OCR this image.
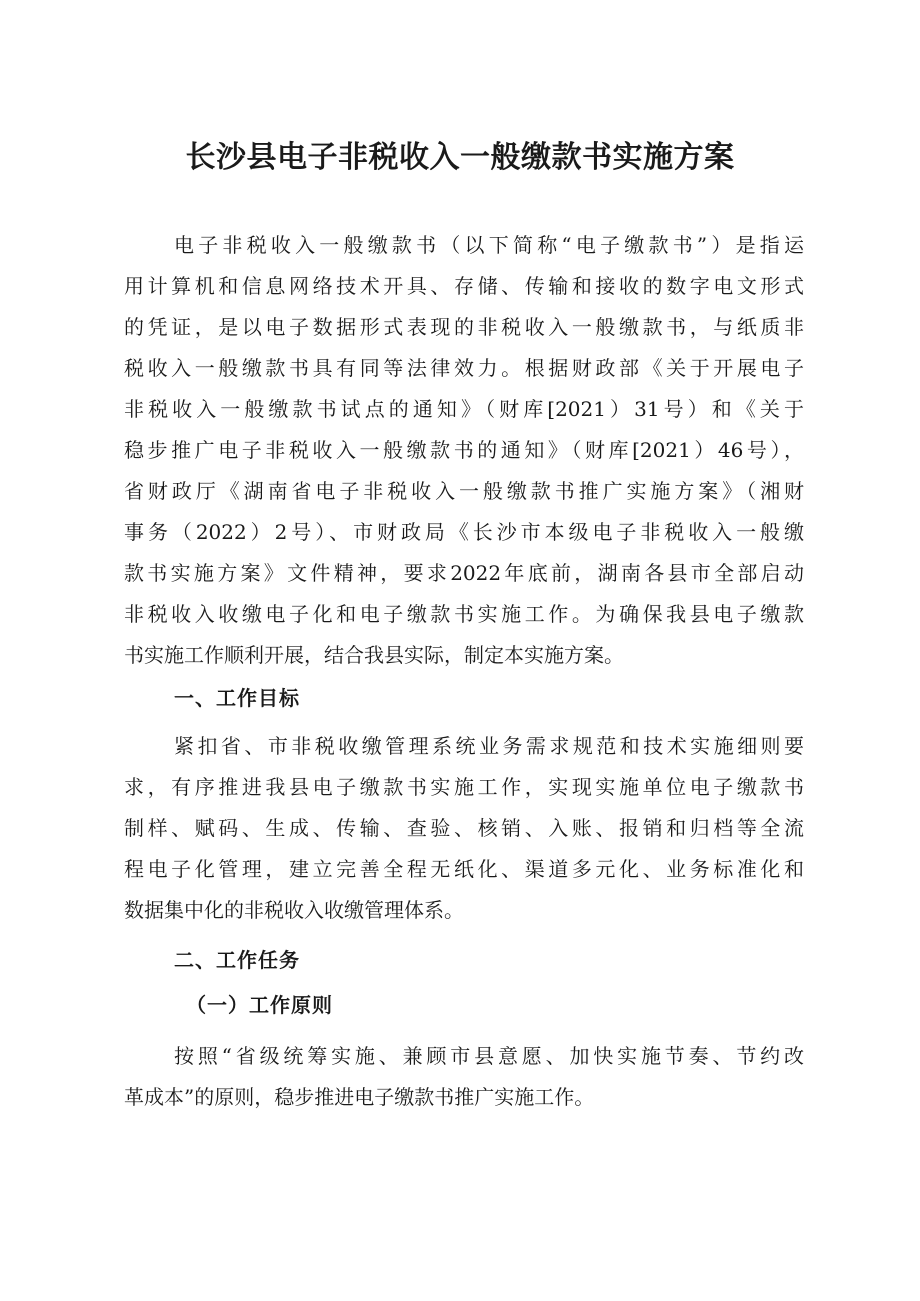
长沙县电子非税收入一般缴款书实施方案
电子非税收入一般缴款书（以下简称“电子缴款书”）是指运
用计算机和信息网络技术开具、存储、传输和接收的数字电文形式
的凭证，是以电子数据形式表现的非税收入一般缴款书，与纸质非
税收入一般缴款书具有同等法律效力。根据财政部《关于开展电子
非税收入一般缴款书试点的通知》（财库[2021）31号）和《关于
稳步推广电子非税收入一般缴款书的通知》（财库[2021）46号），
省财政厅《湖南省电子非税收入一般缴款书推广实施方案》（湘财
事务（2022）2号）、市财政局《长沙市本级电子非税收入一般缴
款书实施方案》文件精神，要求2022年底前，湖南各县市全部启动
非税收入收缴电子化和电子缴款书实施工作。为确保我县电子缴款
书实施工作顺利开展，结合我县实际，制定本实施方案。
一、工作目标
紧扣省、市非税收缴管理系统业务需求规范和技术实施细则要
求，有序推进我县电子缴款书实施工作，实现实施单位电子缴款书
制样、赋码、生成、传输、查验、核销、入账、报销和归档等全流
程电子化管理，建立完善全程无纸化、渠道多元化、业务标准化和
数据集中化的非税收入收缴管理体系。
二、工作任务
（一）工作原则
按照“省级统筹实施、兼顾市县意愿、加快实施节奏、节约改
革成本”的原则，稳步推进电子缴款书推广实施工作。
